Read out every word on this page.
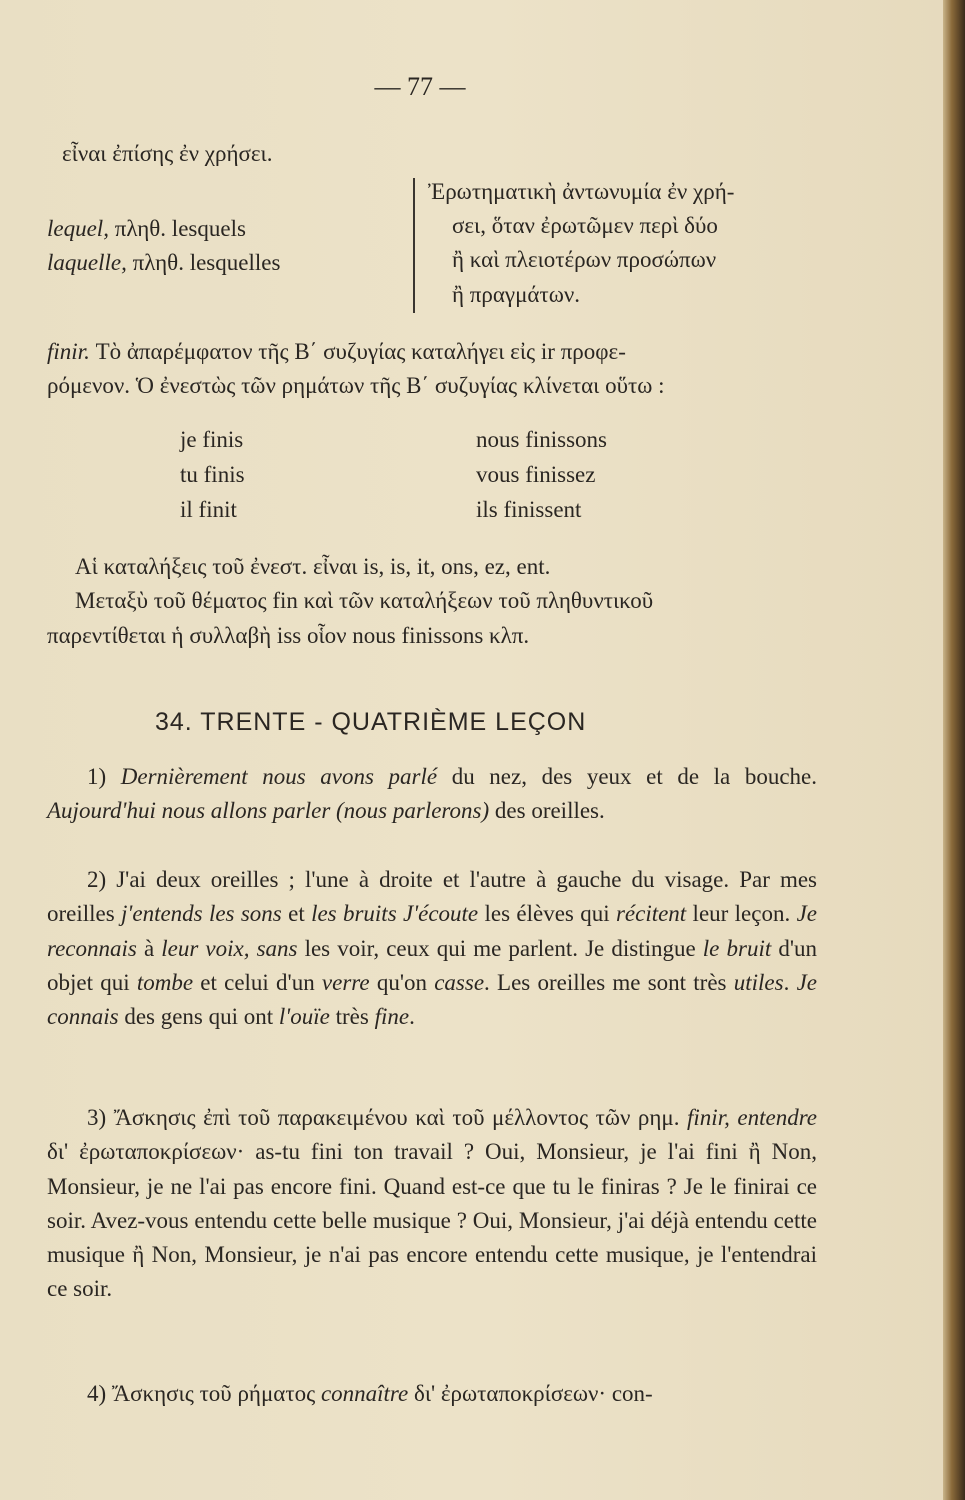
— 77 —
εἶναι ἐπίσης ἐν χρήσει.
lequel, πληθ. lesquels
laquelle, πληθ. lesquelles
Ἐρωτηματικὴ ἀντωνυμία ἐν χρή-
σει, ὅταν ἐρωτῶμεν περὶ δύο
ἢ καὶ πλειοτέρων προσώπων
ἢ πραγμάτων.
finir. Τὸ ἀπαρέμφατον τῆς Β΄ συζυγίας καταλήγει εἰς ir προφε-
ρόμενον. Ὁ ἐνεστὼς τῶν ρημάτων τῆς Β΄ συζυγίας κλίνεται οὕτω :
je finis	nous finissons
tu finis	vous finissez
il finit	ils finissent
Αἱ καταλήξεις τοῦ ἐνεστ. εἶναι is, is, it, ons, ez, ent.
Μεταξὺ τοῦ θέματος fin καὶ τῶν καταλήξεων τοῦ πληθυντικοῦ
παρεντίθεται ἡ συλλαβὴ iss οἷον nous finissons κλπ.
34. TRENTE - QUATRIÈME LEÇON
1) Dernièrement nous avons parlé du nez, des yeux et de la bouche. Aujourd'hui nous allons parler (nous parlerons) des oreilles.
2) J'ai deux oreilles ; l'une à droite et l'autre à gauche du visage. Par mes oreilles j'entends les sons et les bruits J'écoute les élèves qui récitent leur leçon. Je reconnais à leur voix, sans les voir, ceux qui me parlent. Je distingue le bruit d'un objet qui tombe et celui d'un verre qu'on casse. Les oreilles me sont très utiles. Je connais des gens qui ont l'ouïe très fine.
3) Ἄσκησις ἐπὶ τοῦ παρακειμένου καὶ τοῦ μέλλοντος τῶν ρημ. finir, entendre δι' ἐρωταποκρίσεων· as-tu fini ton travail ? Oui, Monsieur, je l'ai fini ἢ Non, Monsieur, je ne l'ai pas encore fini. Quand est-ce que tu le finiras ? Je le finirai ce soir. Avez-vous entendu cette belle musique ? Oui, Monsieur, j'ai déjà entendu cette musique ἢ Non, Monsieur, je n'ai pas encore entendu cette musique, je l'entendrai ce soir.
4) Ἄσκησις τοῦ ρήματος connaître δι' ἐρωταποκρίσεων· con-
